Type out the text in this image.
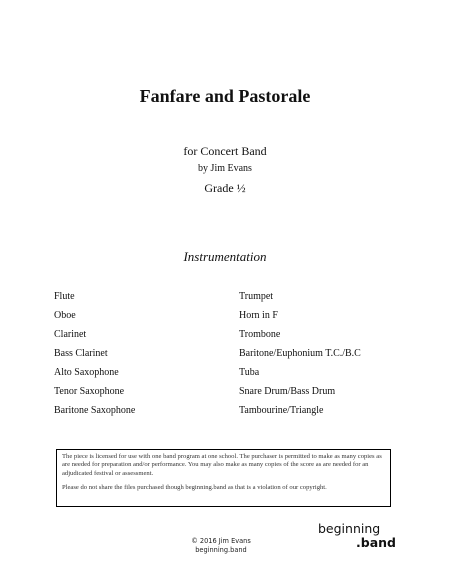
Fanfare and Pastorale
for Concert Band
by Jim Evans
Grade ½
Instrumentation
Flute
Oboe
Clarinet
Bass Clarinet
Alto Saxophone
Tenor Saxophone
Baritone Saxophone
Trumpet
Horn in F
Trombone
Baritone/Euphonium T.C./B.C
Tuba
Snare Drum/Bass Drum
Tambourine/Triangle

The piece is licensed for use with one band program at one school. The purchaser is permitted to make as many copies as are needed for preparation and/or performance. You may also make as many copies of the score as are needed for an adjudicated festival or assessment.

Please do not share the files purchased though beginning.band as that is a violation of our copyright.

© 2016 Jim Evans
beginning.band
beginning
.band
